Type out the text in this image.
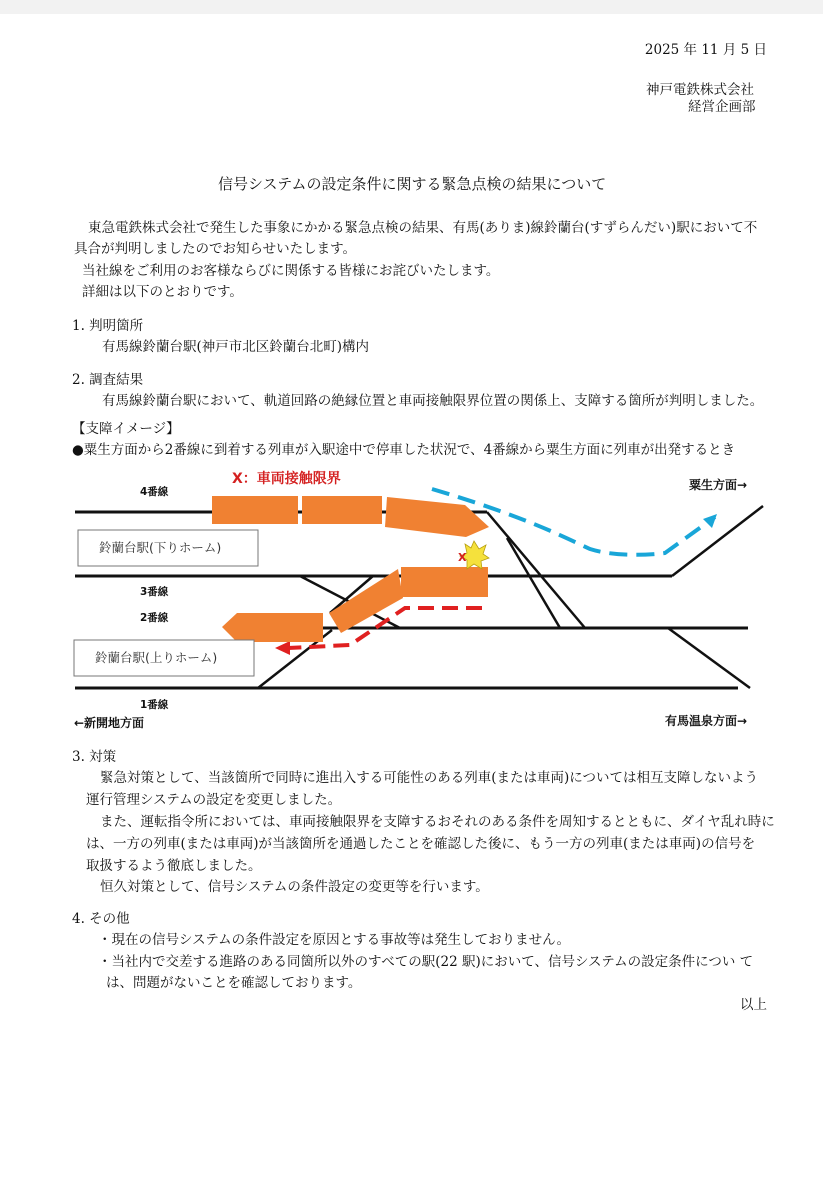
2025 年 11 月 5 日
神戸電鉄株式会社
経営企画部
信号システムの設定条件に関する緊急点検の結果について
東急電鉄株式会社で発生した事象にかかる緊急点検の結果、有馬(ありま)線鈴蘭台(すずらんだい)駅において不
具合が判明しましたのでお知らせいたします。
当社線をご利用のお客様ならびに関係する皆様にお詫びいたします。
詳細は以下のとおりです。
1. 判明箇所
有馬線鈴蘭台駅(神戸市北区鈴蘭台北町)構内
2. 調査結果
有馬線鈴蘭台駅において、軌道回路の絶縁位置と車両接触限界位置の関係上、支障する箇所が判明しました。
【支障イメージ】
●粟生方面から2番線に到着する列車が入駅途中で停車した状況で、4番線から粟生方面に列車が出発するとき
4番線
3番線
2番線
1番線
X：車両接触限界
X
粟生方面→
鈴蘭台駅(下りホーム)
鈴蘭台駅(上りホーム)
←新開地方面	有馬温泉方面→
3. 対策
緊急対策として、当該箇所で同時に進出入する可能性のある列車(または車両)については相互支障しないよう
運行管理システムの設定を変更しました。
また、運転指令所においては、車両接触限界を支障するおそれのある条件を周知するとともに、ダイヤ乱れ時に
は、一方の列車(または車両)が当該箇所を通過したことを確認した後に、もう一方の列車(または車両)の信号を
取扱するよう徹底しました。
恒久対策として、信号システムの条件設定の変更等を行います。
4. その他
・現在の信号システムの条件設定を原因とする事故等は発生しておりません。
・当社内で交差する進路のある同箇所以外のすべての駅(22 駅)において、信号システムの設定条件につい て
は、問題がないことを確認しております。
以上
